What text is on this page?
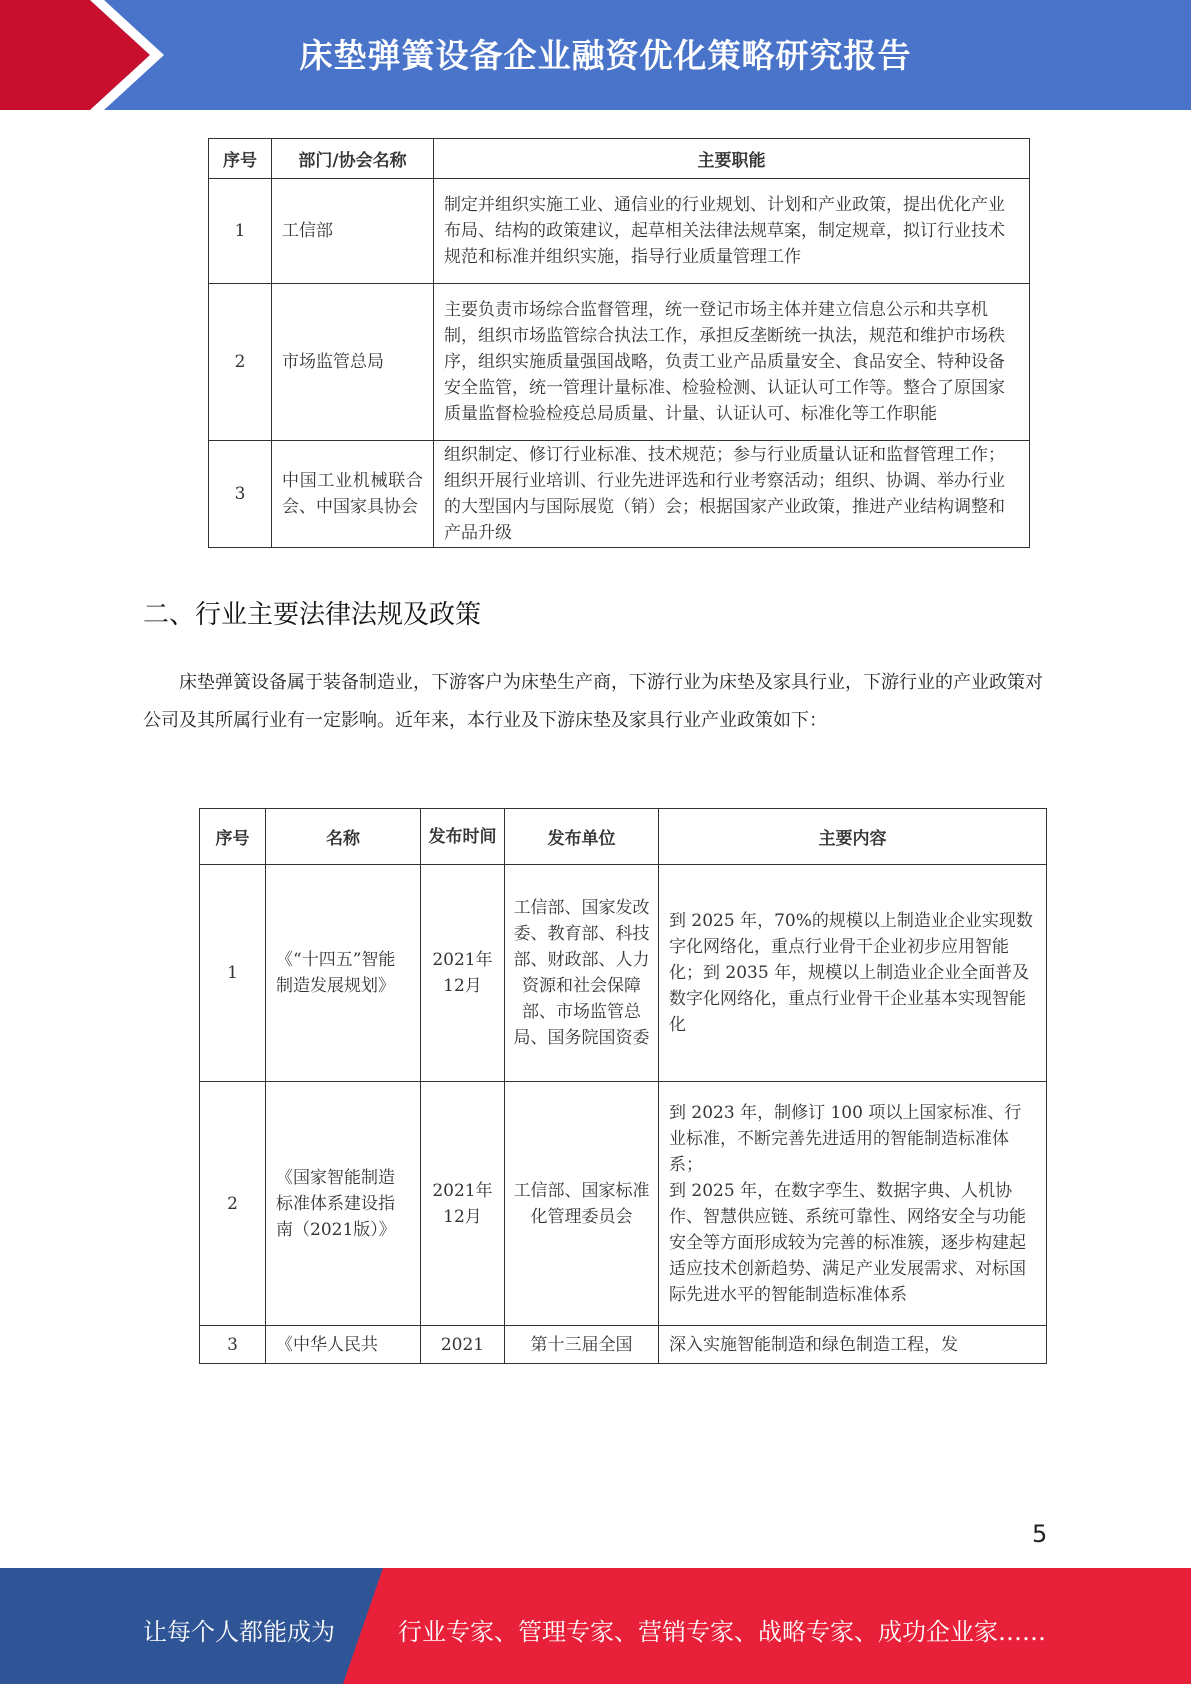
床垫弹簧设备企业融资优化策略研究报告
序号	部门/协会名称	主要职能
1	工信部	制定并组织实施工业、通信业的行业规划、计划和产业政策，提出优化产业布局、结构的政策建议，起草相关法律法规草案，制定规章，拟订行业技术规范和标准并组织实施，指导行业质量管理工作
2	市场监管总局	主要负责市场综合监督管理，统一登记市场主体并建立信息公示和共享机制，组织市场监管综合执法工作，承担反垄断统一执法，规范和维护市场秩序，组织实施质量强国战略，负责工业产品质量安全、食品安全、特种设备安全监管，统一管理计量标准、检验检测、认证认可工作等。整合了原国家质量监督检验检疫总局质量、计量、认证认可、标准化等工作职能
3	中国工业机械联合会、中国家具协会	组织制定、修订行业标准、技术规范；参与行业质量认证和监督管理工作；组织开展行业培训、行业先进评选和行业考察活动；组织、协调、举办行业的大型国内与国际展览（销）会；根据国家产业政策，推进产业结构调整和产品升级
二、行业主要法律法规及政策
床垫弹簧设备属于装备制造业，下游客户为床垫生产商，下游行业为床垫及家具行业，下游行业的产业政策对公司及其所属行业有一定影响。近年来，本行业及下游床垫及家具行业产业政策如下：
序号	名称	发布时间	发布单位	主要内容
1	《“十四五”智能制造发展规划》	2021年12月	工信部、国家发改委、教育部、科技部、财政部、人力资源和社会保障部、市场监管总局、国务院国资委	到 2025 年，70%的规模以上制造业企业实现数字化网络化，重点行业骨干企业初步应用智能化；到 2035 年，规模以上制造业企业全面普及数字化网络化，重点行业骨干企业基本实现智能化
2	《国家智能制造标准体系建设指南（2021版）》	2021年12月	工信部、国家标准化管理委员会	到 2023 年，制修订 100 项以上国家标准、行业标准，不断完善先进适用的智能制造标准体系；
到 2025 年，在数字孪生、数据字典、人机协作、智慧供应链、系统可靠性、网络安全与功能安全等方面形成较为完善的标准簇，逐步构建起适应技术创新趋势、满足产业发展需求、对标国际先进水平的智能制造标准体系

3	《中华人民共	2021	第十三届全国	深入实施智能制造和绿色制造工程，发
5
让每个人都能成为	行业专家、管理专家、营销专家、战略专家、成功企业家……
